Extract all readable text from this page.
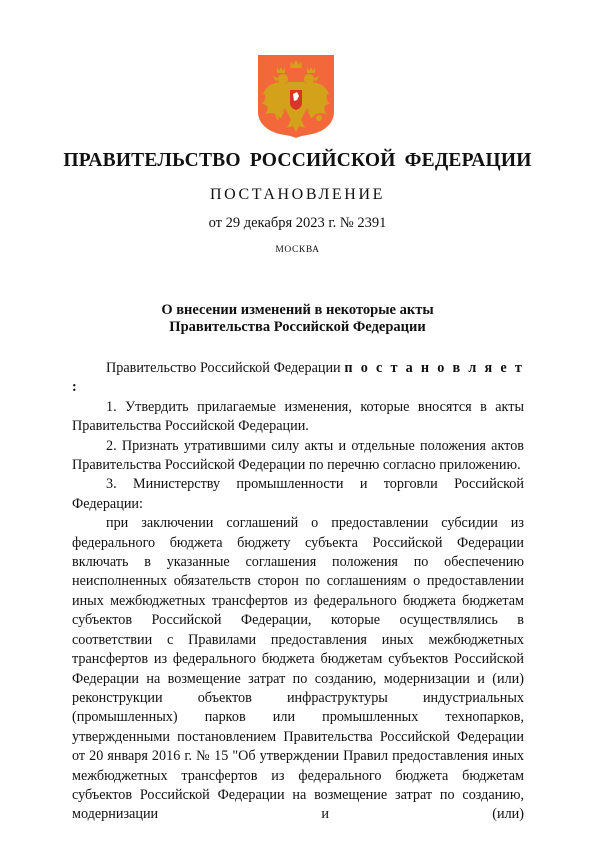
ПРАВИТЕЛЬСТВО РОССИЙСКОЙ ФЕДЕРАЦИИ
ПОСТАНОВЛЕНИЕ
от 29 декабря 2023 г. № 2391
МОСКВА
О внесении изменений в некоторые акты
Правительства Российской Федерации

Правительство Российской Федерации п о с т а н о в л я е т :

1. Утвердить прилагаемые изменения, которые вносятся в акты Правительства Российской Федерации.

2. Признать утратившими силу акты и отдельные положения актов Правительства Российской Федерации по перечню согласно приложению.

3. Министерству промышленности и торговли Российской Федерации:

при заключении соглашений о предоставлении субсидии из федерального бюджета бюджету субъекта Российской Федерации включать в указанные соглашения положения по обеспечению неисполненных обязательств сторон по соглашениям о предоставлении иных межбюджетных трансфертов из федерального бюджета бюджетам субъектов Российской Федерации, которые осуществлялись в соответствии с Правилами предоставления иных межбюджетных трансфертов из федерального бюджета бюджетам субъектов Российской Федерации на возмещение затрат по созданию, модернизации и (или) реконструкции объектов инфраструктуры индустриальных (промышленных) парков или промышленных технопарков, утвержденными постановлением Правительства Российской Федерации от 20 января 2016 г. № 15 "Об утверждении Правил предоставления иных межбюджетных трансфертов из федерального бюджета бюджетам субъектов Российской Федерации на возмещение затрат по созданию, модернизации и (или)
